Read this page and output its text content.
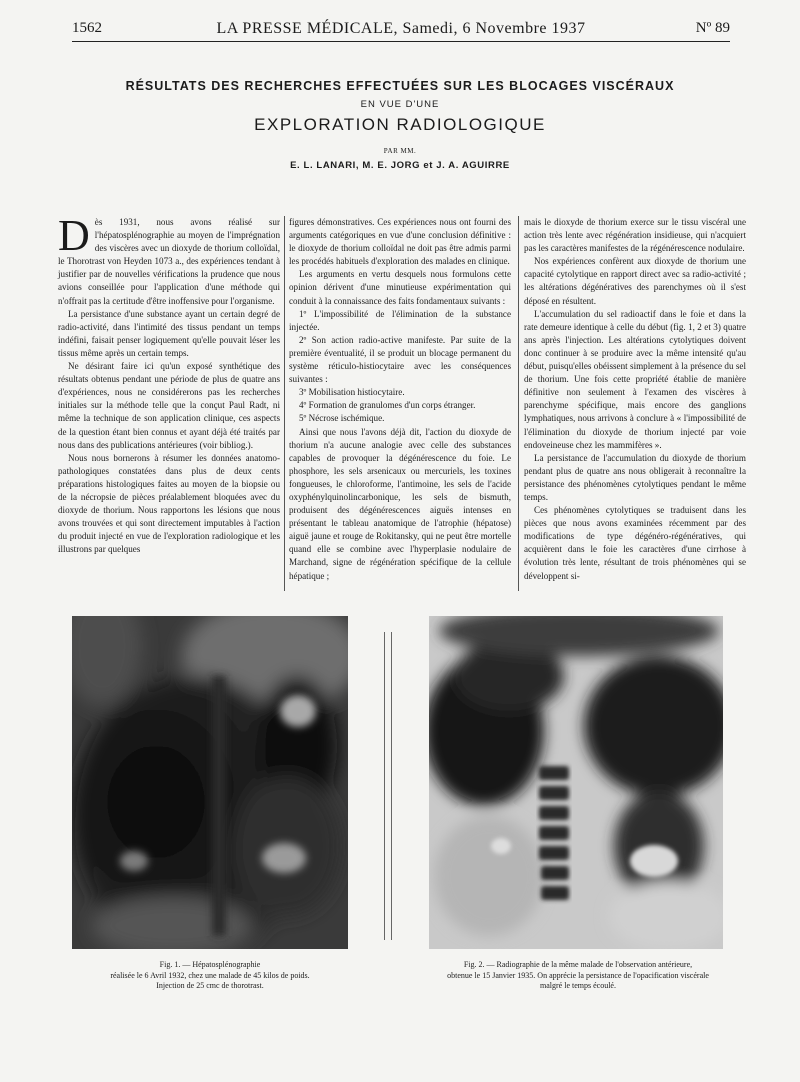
1562	LA PRESSE MÉDICALE, Samedi, 6 Novembre 1937	Nº 89
RÉSULTATS DES RECHERCHES EFFECTUÉES SUR LES BLOCAGES VISCÉRAUX
EN VUE D'UNE
EXPLORATION RADIOLOGIQUE
PAR MM.
E. L. LANARI, M. E. JORG et J. A. AGUIRRE

Dès 1931, nous avons réalisé sur l'hépatosplénographie au moyen de l'imprégnation des viscères avec un dioxyde de thorium colloïdal, le Thorotrast von Heyden 1073 a., des expériences tendant à justifier par de nouvelles vérifications la prudence que nous avions conseillée pour l'application d'une méthode qui n'offrait pas la certitude d'être inoffensive pour l'organisme.

La persistance d'une substance ayant un certain degré de radio-activité, dans l'intimité des tissus pendant un temps indéfini, faisait penser logiquement qu'elle pouvait léser les tissus même après un certain temps.

Ne désirant faire ici qu'un exposé synthétique des résultats obtenus pendant une période de plus de quatre ans d'expériences, nous ne considérerons pas les recherches initiales sur la méthode telle que la conçut Paul Radt, ni même la technique de son application clinique, ces aspects de la question étant bien connus et ayant déjà été traités par nous dans des publications antérieures (voir bibliog.).

Nous nous bornerons à résumer les données anatomo-pathologiques constatées dans plus de deux cents préparations histologiques faites au moyen de la biopsie ou de la nécropsie de pièces préalablement bloquées avec du dioxyde de thorium. Nous rapportons les lésions que nous avons trouvées et qui sont directement imputables à l'action du produit injecté en vue de l'exploration radiologique et les illustrons par quelques

figures démonstratives. Ces expériences nous ont fourni des arguments catégoriques en vue d'une conclusion définitive : le dioxyde de thorium colloïdal ne doit pas être admis parmi les procédés habituels d'exploration des malades en clinique.

Les arguments en vertu desquels nous formulons cette opinion dérivent d'une minutieuse expérimentation qui conduit à la connaissance des faits fondamentaux suivants :

1º L'impossibilité de l'élimination de la substance injectée.

2º Son action radio-active manifeste. Par suite de la première éventualité, il se produit un blocage permanent du système réticulo-histiocytaire avec les conséquences suivantes :

3º Mobilisation histiocytaire.

4º Formation de granulomes d'un corps étranger.

5º Nécrose ischémique.

Ainsi que nous l'avons déjà dit, l'action du dioxyde de thorium n'a aucune analogie avec celle des substances capables de provoquer la dégénérescence du foie. Le phosphore, les sels arsenicaux ou mercuriels, les toxines fongueuses, le chloroforme, l'antimoine, les sels de l'acide oxyphénylquinolincarbonique, les sels de bismuth, produisent des dégénérescences aiguës intenses en présentant le tableau anatomique de l'atrophie (hépatose) aiguë jaune et rouge de Rokitansky, qui ne peut être mortelle quand elle se combine avec l'hyperplasie nodulaire de Marchand, signe de régénération spécifique de la cellule hépatique ;

mais le dioxyde de thorium exerce sur le tissu viscéral une action très lente avec régénération insidieuse, qui n'acquiert pas les caractères manifestes de la régénérescence nodulaire.

Nos expériences confèrent aux dioxyde de thorium une capacité cytolytique en rapport direct avec sa radio-activité ; les altérations dégénératives des parenchymes où il s'est déposé en résultent.

L'accumulation du sel radioactif dans le foie et dans la rate demeure identique à celle du début (fig. 1, 2 et 3) quatre ans après l'injection. Les altérations cytolytiques doivent donc continuer à se produire avec la même intensité qu'au début, puisqu'elles obéissent simplement à la présence du sel de thorium. Une fois cette propriété établie de manière définitive non seulement à l'examen des viscères à parenchyme spécifique, mais encore des ganglions lymphatiques, nous arrivons à conclure à « l'impossibilité de l'élimination du dioxyde de thorium injecté par voie endoveineuse chez les mammifères ».

La persistance de l'accumulation du dioxyde de thorium pendant plus de quatre ans nous obligerait à reconnaître la persistance des phénomènes cytolytiques pendant le même temps.

Ces phénomènes cytolytiques se traduisent dans les pièces que nous avons examinées récemment par des modifications de type dégénéro-régénératives, qui acquièrent dans le foie les caractères d'une cirrhose à évolution très lente, résultant de trois phénomènes qui se développent si-

Fig. 1. — Hépatosplénographie
réalisée le 6 Avril 1932, chez une malade de 45 kilos de poids.
Injection de 25 cmc de thorotrast.
Fig. 2. — Radiographie de la même malade de l'observation antérieure,
obtenue le 15 Janvier 1935. On apprécie la persistance de l'opacification viscérale
malgré le temps écoulé.
